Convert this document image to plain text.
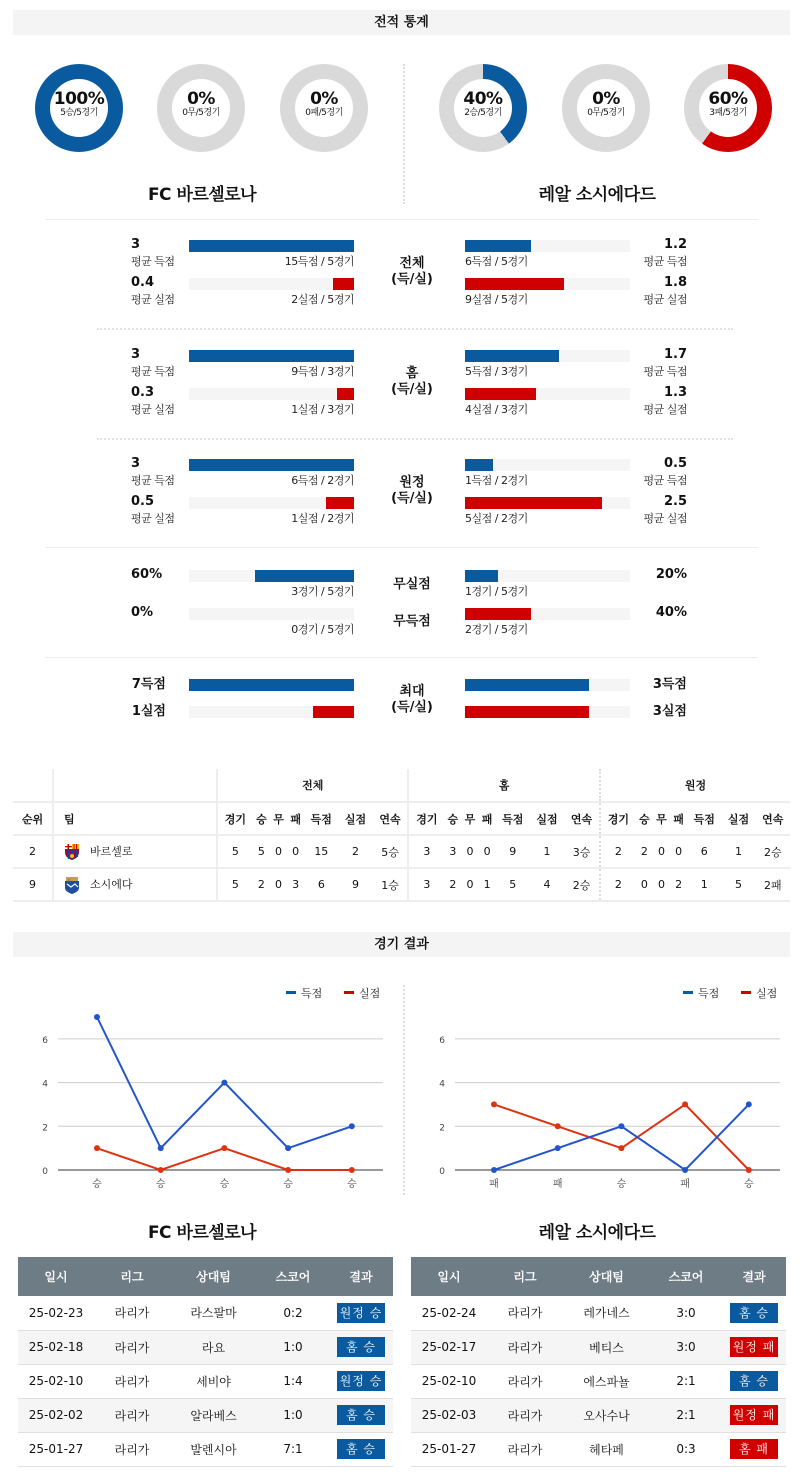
전적 통계
100%
5승/5경기
0%
0무/5경기
0%
0패/5경기
40%
2승/5경기
0%
0무/5경기
60%
3패/5경기
FC 바르셀로나	레알 소시에다드
3
평균 득점	15득점 / 5경기
0.4
평균 실점	2실점 / 5경기
1.2
평균 득점
6득점 / 5경기
1.8
평균 실점
9실점 / 5경기
전체
(득/실)
3
평균 득점	9득점 / 3경기
0.3
평균 실점	1실점 / 3경기
1.7
평균 득점
5득점 / 3경기
1.3
평균 실점
4실점 / 3경기
홈
(득/실)
3
평균 득점	6득점 / 2경기
0.5
평균 실점	1실점 / 2경기
0.5
평균 득점
1득점 / 2경기
2.5
평균 실점
5실점 / 2경기
원정
(득/실)
60%
3경기 / 5경기
20%
1경기 / 5경기
0%
0경기 / 5경기
40%
2경기 / 5경기
무실점
무득점
7득점	3득점
1실점	3실점
최대
(득/실)
		전체							홈							원정						
순위	팀	경기	승	무	패	득점	실점	연속	경기	승	무	패	득점	실점	연속	경기	승	무	패	득점	실점	연속
2	바르셀로	5	5	0	0	15	2	5승	3	3	0	0	9	1	3승	2	2	0	0	6	1	2승
9	소시에다	5	2	0	3	6	9	1승	3	2	0	1	5	4	2승	2	0	0	2	1	5	2패
경기 결과
득점	실점
0
2
4
6
승	승	승	승	승
득점	실점
0
2
4
6
패	패	승	패	승
FC 바르셀로나	레알 소시에다드
일시	리그	상대팀	스코어	결과
25-02-23	라리가	라스팔마	0:2	원정 승
25-02-18	라리가	라요	1:0	홈 승
25-02-10	라리가	세비야	1:4	원정 승
25-02-02	라리가	알라베스	1:0	홈 승
25-01-27	라리가	발렌시아	7:1	홈 승
일시	리그	상대팀	스코어	결과
25-02-24	라리가	레가네스	3:0	홈 승
25-02-17	라리가	베티스	3:0	원정 패
25-02-10	라리가	에스파뇰	2:1	홈 승
25-02-03	라리가	오사수나	2:1	원정 패
25-01-27	라리가	헤타페	0:3	홈 패
